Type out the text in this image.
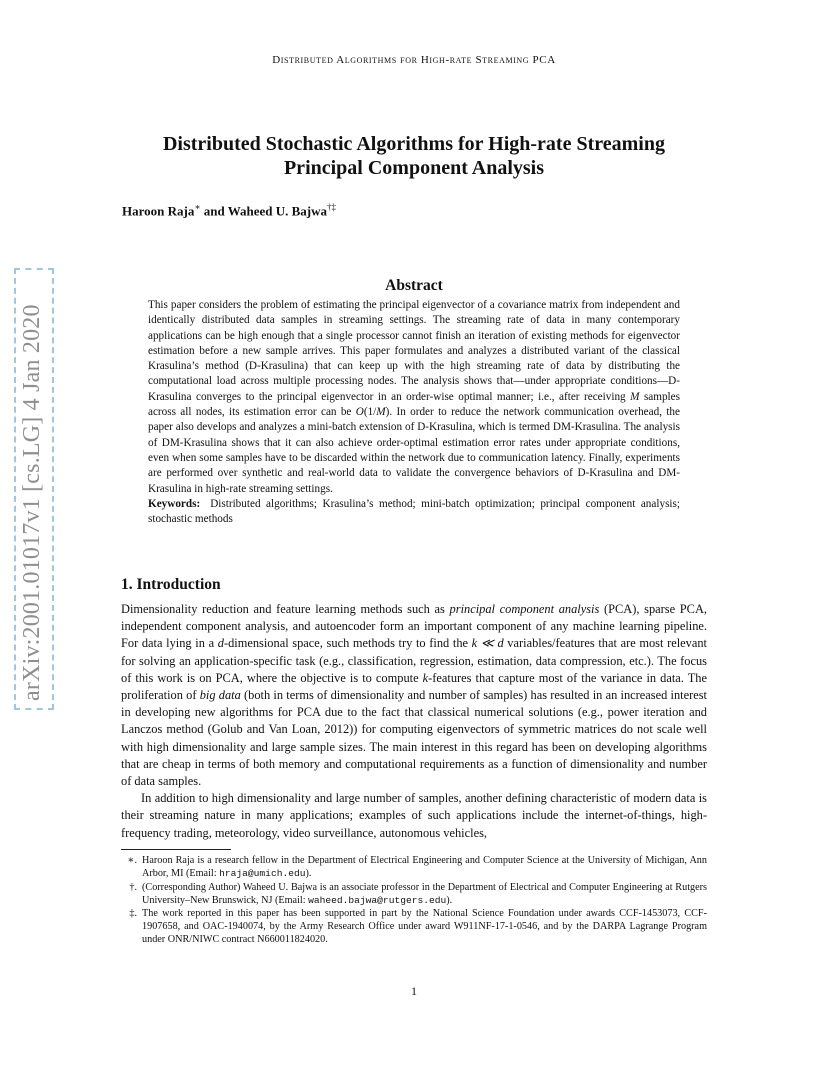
Distributed Algorithms for High-rate Streaming PCA
arXiv:2001.01017v1 [cs.LG] 4 Jan 2020
Distributed Stochastic Algorithms for High-rate Streaming
Principal Component Analysis
Haroon Raja∗ and Waheed U. Bajwa†‡
Abstract

This paper considers the problem of estimating the principal eigenvector of a covariance matrix from independent and identically distributed data samples in streaming settings. The streaming rate of data in many contemporary applications can be high enough that a single processor cannot finish an iteration of existing methods for eigenvector estimation before a new sample arrives. This paper formulates and analyzes a distributed variant of the classical Krasulina’s method (D-Krasulina) that can keep up with the high streaming rate of data by distributing the computational load across multiple processing nodes. The analysis shows that—under appropriate conditions—D-Krasulina converges to the principal eigenvector in an order-wise optimal manner; i.e., after receiving M samples across all nodes, its estimation error can be O(1/M). In order to reduce the network communication overhead, the paper also develops and analyzes a mini-batch extension of D-Krasulina, which is termed DM-Krasulina. The analysis of DM-Krasulina shows that it can also achieve order-optimal estimation error rates under appropriate conditions, even when some samples have to be discarded within the network due to communication latency. Finally, experiments are performed over synthetic and real-world data to validate the convergence behaviors of D-Krasulina and DM-Krasulina in high-rate streaming settings.

Keywords: Distributed algorithms; Krasulina’s method; mini-batch optimization; principal component analysis; stochastic methods

1. Introduction

Dimensionality reduction and feature learning methods such as principal component analysis (PCA), sparse PCA, independent component analysis, and autoencoder form an important component of any machine learning pipeline. For data lying in a d-dimensional space, such methods try to find the k ≪ d variables/features that are most relevant for solving an application-specific task (e.g., classification, regression, estimation, data compression, etc.). The focus of this work is on PCA, where the objective is to compute k-features that capture most of the variance in data. The proliferation of big data (both in terms of dimensionality and number of samples) has resulted in an increased interest in developing new algorithms for PCA due to the fact that classical numerical solutions (e.g., power iteration and Lanczos method (Golub and Van Loan, 2012)) for computing eigenvectors of symmetric matrices do not scale well with high dimensionality and large sample sizes. The main interest in this regard has been on developing algorithms that are cheap in terms of both memory and computational requirements as a function of dimensionality and number of data samples.

In addition to high dimensionality and large number of samples, another defining characteristic of modern data is their streaming nature in many applications; examples of such applications include the internet-of-things, high-frequency trading, meteorology, video surveillance, autonomous vehicles,

∗. Haroon Raja is a research fellow in the Department of Electrical Engineering and Computer Science at the University of Michigan, Ann Arbor, MI (Email: hraja@umich.edu).
†. (Corresponding Author) Waheed U. Bajwa is an associate professor in the Department of Electrical and Computer Engineering at Rutgers University–New Brunswick, NJ (Email: waheed.bajwa@rutgers.edu).
‡. The work reported in this paper has been supported in part by the National Science Foundation under awards CCF-1453073, CCF-1907658, and OAC-1940074, by the Army Research Office under award W911NF-17-1-0546, and by the DARPA Lagrange Program under ONR/NIWC contract N660011824020.
1
